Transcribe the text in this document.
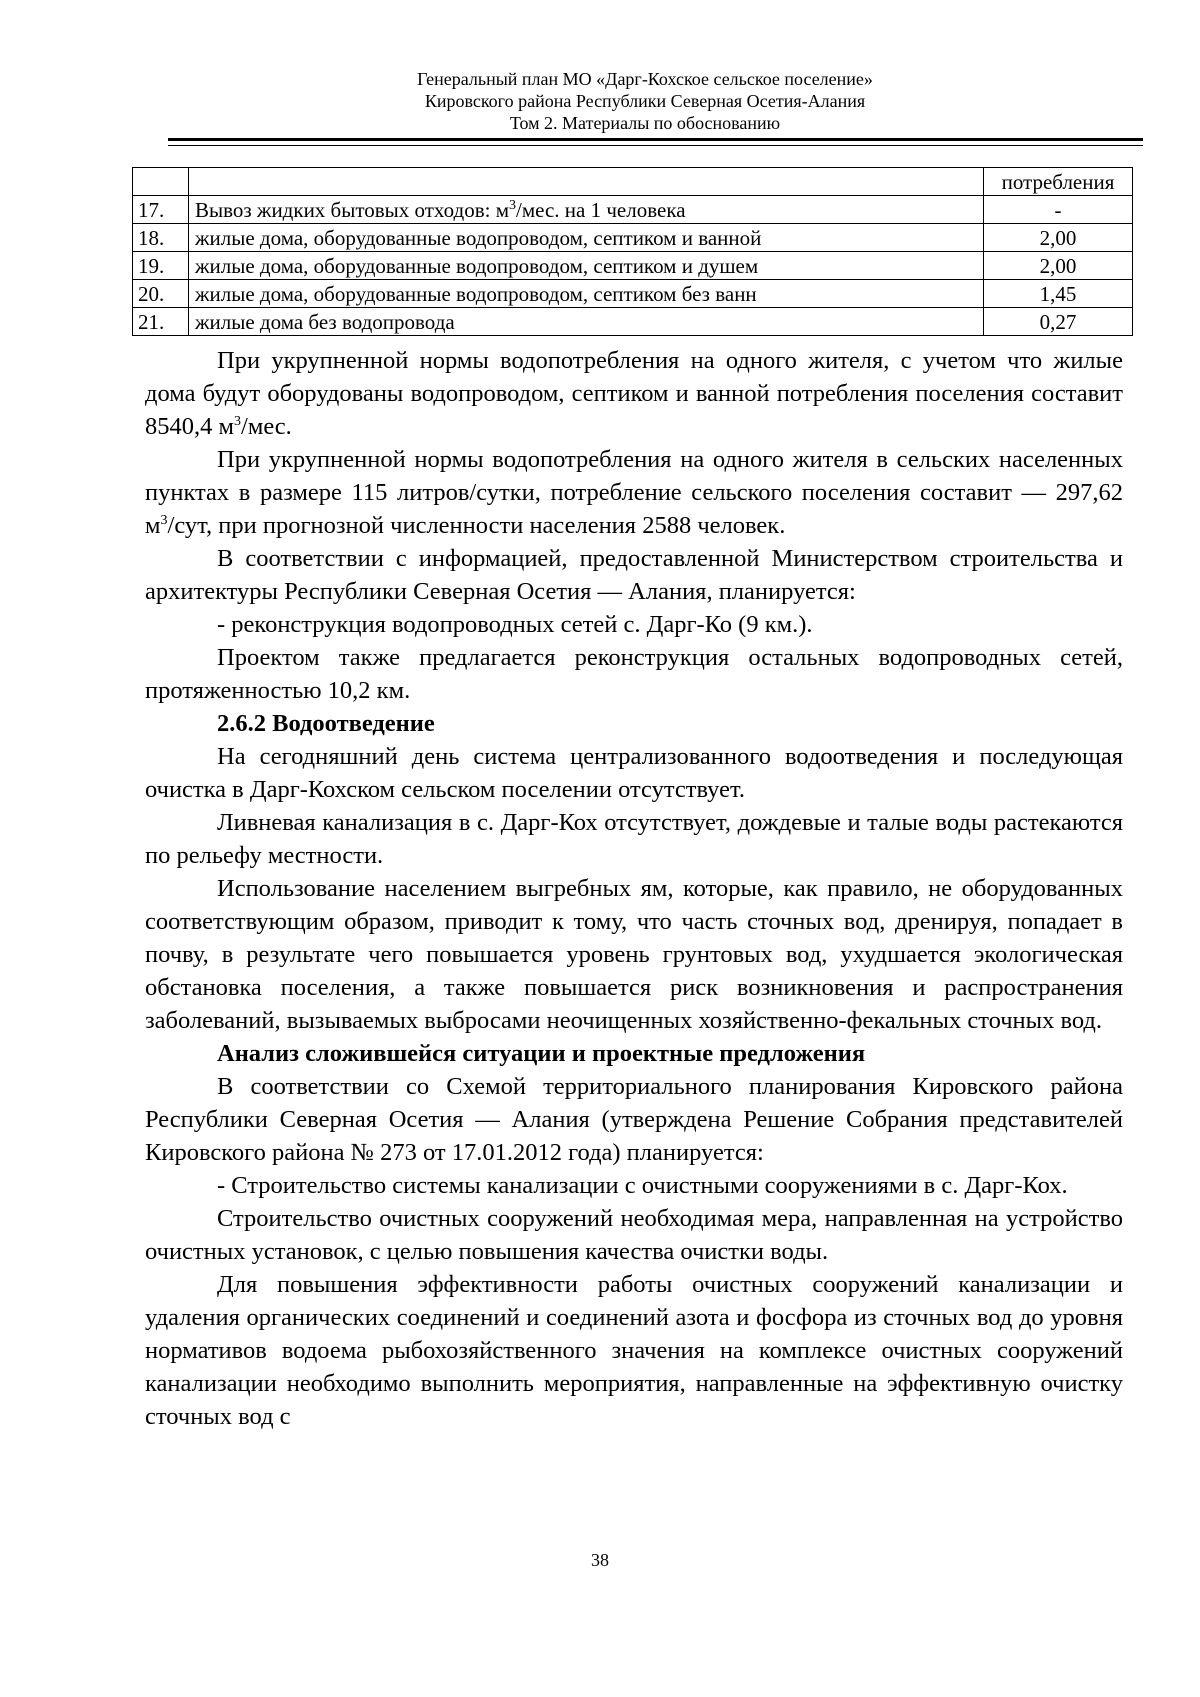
Генеральный план МО «Дарг-Кохское сельское поселение»
Кировского района Республики Северная Осетия-Алания
Том 2. Материалы по обоснованию
		потребления
17.	Вывоз жидких бытовых отходов: $м^3$/мес. на 1 человека	-
18.	жилые дома, оборудованные водопроводом, септиком и ванной	2,00
19.	жилые дома, оборудованные водопроводом, септиком и душем	2,00
20.	жилые дома, оборудованные водопроводом, септиком без ванн	1,45
21.	жилые дома без водопровода	0,27

При укрупненной нормы водопотребления на одного жителя, с учетом что жилые дома будут оборудованы водопроводом, септиком и ванной потребления поселения составит 8540,4 $м^3$/мес.

При укрупненной нормы водопотребления на одного жителя в сельских населенных пунктах в размере 115 литров/сутки, потребление сельского поселения составит — 297,62 $м^3$/сут, при прогнозной численности населения 2588 человек.

В соответствии с информацией, предоставленной Министерством строительства и архитектуры Республики Северная Осетия — Алания, планируется:

- реконструкция водопроводных сетей с. Дарг-Ко (9 км.).

Проектом также предлагается реконструкция остальных водопроводных сетей, протяженностью 10,2 км.

2.6.2 Водоотведение

На сегодняшний день система централизованного водоотведения и последующая очистка в Дарг-Кохском сельском поселении отсутствует.

Ливневая канализация в с. Дарг-Кох отсутствует, дождевые и талые воды растекаются по рельефу местности.

Использование населением выгребных ям, которые, как правило, не оборудованных соответствующим образом, приводит к тому, что часть сточных вод, дренируя, попадает в почву, в результате чего повышается уровень грунтовых вод, ухудшается экологическая обстановка поселения, а также повышается риск возникновения и распространения заболеваний, вызываемых выбросами неочищенных хозяйственно-фекальных сточных вод.

Анализ сложившейся ситуации и проектные предложения

В соответствии со Схемой территориального планирования Кировского района Республики Северная Осетия — Алания (утверждена Решение Собрания представителей Кировского района № 273 от 17.01.2012 года) планируется:

- Строительство системы канализации с очистными сооружениями в с. Дарг-Кох.

Строительство очистных сооружений необходимая мера, направленная на устройство очистных установок, с целью повышения качества очистки воды.

Для повышения эффективности работы очистных сооружений канализации и удаления органических соединений и соединений азота и фосфора из сточных вод до уровня нормативов водоема рыбохозяйственного значения на комплексе очистных сооружений канализации необходимо выполнить мероприятия, направленные на эффективную очистку сточных вод с

38
